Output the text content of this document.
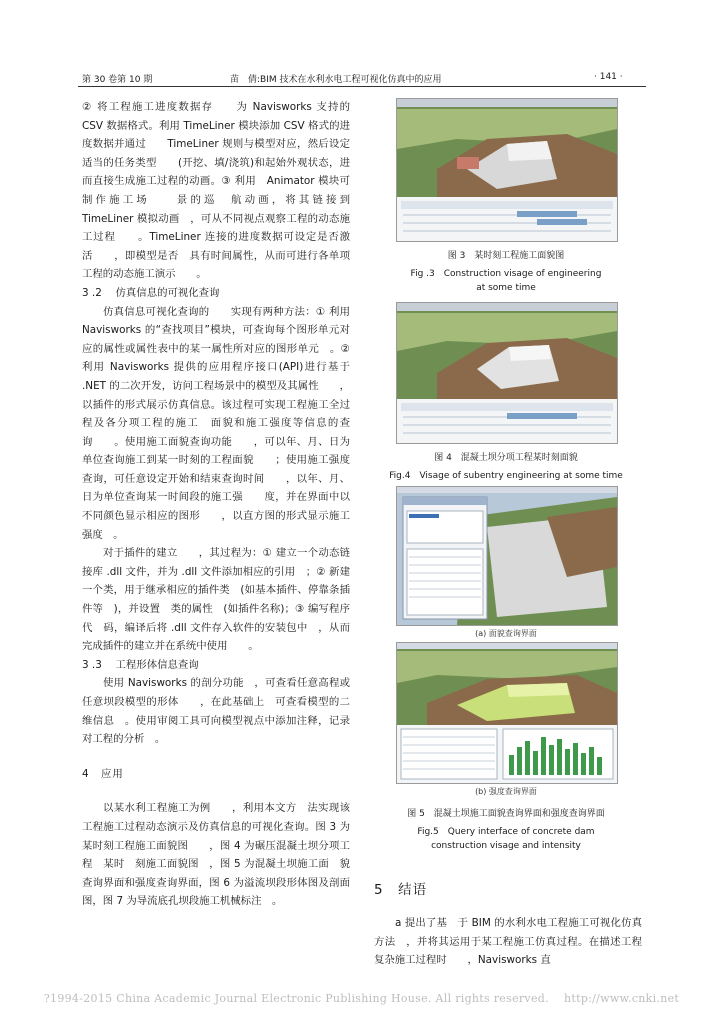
第 30 卷第 10 期	苗　倩:BIM 技术在水利水电工程可视化仿真中的应用	· 141 ·

② 将工程施工进度数据存　　为 Navisworks 支持的 CSV 数据格式。利用 TimeLiner 模块添加 CSV 格式的进度数据并通过　　TimeLiner 规则与模型对应，然后设定适当的任务类型　　(开挖、填/浇筑)和起始外观状态，进而直接生成施工过程的动画。③ 利用　Animator 模块可制作施工场　　景的巡　航动画，将其链接到　TimeLiner 模拟动画　，可从不同视点观察工程的动态施工过程　　。TimeLiner 连接的进度数据可设定是否激活　　，即模型是否　具有时间属性，从而可进行各单项工程的动态施工演示　　。

3 .2　 仿真信息的可视化查询

仿真信息可视化查询的　　实现有两种方法：① 利用 Navisworks 的“查找项目”模块，可查询每个图形单元对应的属性或属性表中的某一属性所对应的图形单元　。② 利用 Navisworks 提供的应用程序接口(API)进行基于 .NET 的二次开发，访问工程场景中的模型及其属性　　，以插件的形式展示仿真信息。该过程可实现工程施工全过程及各分项工程的施工　面貌和施工强度等信息的查询　　。使用施工面貌查询功能　　，可以年、月、日为单位查询施工到某一时刻的工程面貌　　；使用施工强度查询，可任意设定开始和结束查询时间　　，以年、月、日为单位查询某一时间段的施工强　　度，并在界面中以不同颜色显示相应的图形　　，以直方图的形式显示施工强度　。

对于插件的建立　　，其过程为：① 建立一个动态链接库 .dll 文件，并为 .dll 文件添加相应的引用　；② 新建一个类，用于继承相应的插件类　(如基本插件、停靠条插件等　)，并设置　类的属性　(如插件名称)；③ 编写程序代　码，编译后将 .dll 文件存入软件的安装包中　，从而完成插件的建立并在系统中使用　　。

3 .3　 工程形体信息查询

使用 Navisworks 的剖分功能　，可查看任意高程或任意坝段模型的形体　　，在此基础上　可查看模型的二维信息　。使用审阅工具可向模型视点中添加注释，记录对工程的分析　。

4　应用

以某水利工程施工为例　　，利用本文方　法实现该工程施工过程动态演示及仿真信息的可视化查询。图 3 为某时刻工程施工面貌图　　，图 4 为碾压混凝土坝分项工程　某时　刻施工面貌图　，图 5 为混凝土坝施工面　貌查询界面和强度查询界面，图 6 为溢流坝段形体图及剖面图，图 7 为导流底孔坝段施工机械标注　。

图 3　某时刻工程施工面貌图
Fig .3　Construction visage of engineering
at some time
图 4　混凝土坝分项工程某时刻面貌
Fig.4　Visage of subentry engineering at some time
(a) 面貌查询界面
(b) 强度查询界面
图 5　混凝土坝施工面貌查询界面和强度查询界面
Fig.5　Query interface of concrete dam
construction visage and intensity
5　结语
a 提出了基　于 BIM 的水利水电工程施工可视化仿真方法　，并将其运用于某工程施工仿真过程。在描述工程复杂施工过程时　　，Navisworks 直
?1994-2015 China Academic Journal Electronic Publishing House. All rights reserved.　 http://www.cnki.net
